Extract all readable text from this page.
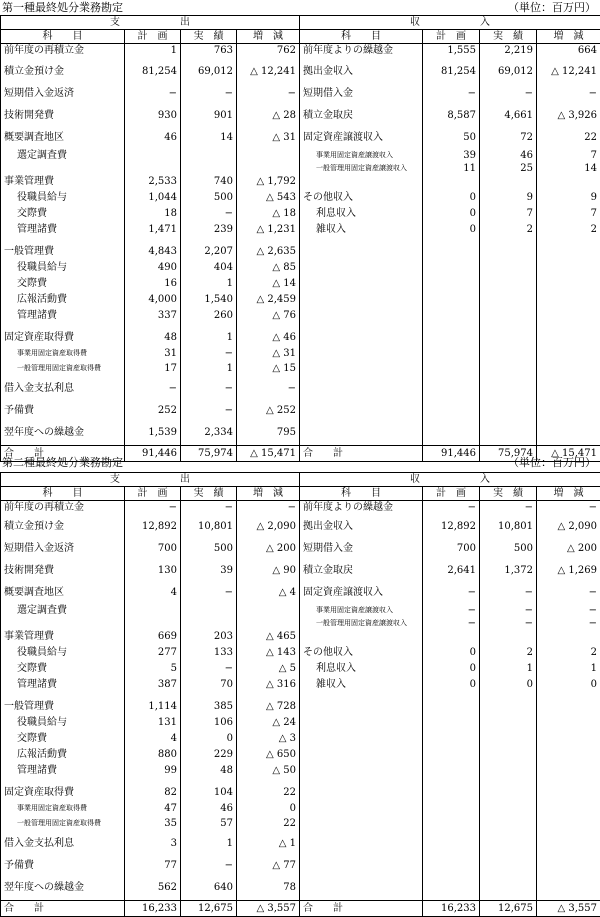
第一種最終処分業務勘定	（単位：百万円）
支　　　　　　出				収　　　　　　入			
科　　目	計　画	実　績	増　減	科　　目	計　画	実　績	増　減
前年度の再積立金	1	763	762	前年度よりの繰越金	1,555	2,219	664
積立金預け金	81,254	69,012	△ 12,241	拠出金収入	81,254	69,012	△ 12,241
短期借入金返済	−	−	−	短期借入金	−	−	−
技術開発費	930	901	△ 28	積立金取戻	8,587	4,661	△ 3,926
概要調査地区	46	14	△ 31	固定資産譲渡収入	50	72	22
選定調査費				事業用固定資産譲渡収入	39	46	7
				一般管理用固定資産譲渡収入	11	25	14
事業管理費	2,533	740	△ 1,792				
役職員給与	1,044	500	△ 543	その他収入	0	9	9
交際費	18	−	△ 18	利息収入	0	7	7
管理諸費	1,471	239	△ 1,231	雑収入	0	2	2
一般管理費	4,843	2,207	△ 2,635				
役職員給与	490	404	△ 85				
交際費	16	1	△ 14				
広報活動費	4,000	1,540	△ 2,459				
管理諸費	337	260	△ 76				
固定資産取得費	48	1	△ 46				
事業用固定資産取得費	31	−	△ 31				
一般管理用固定資産取得費	17	1	△ 15				
借入金支払利息	−	−	−				
予備費	252	−	△ 252				
翌年度への繰越金	1,539	2,334	795				
合　　計	91,446	75,974	△ 15,471	合　　計	91,446	75,974	△ 15,471
第二種最終処分業務勘定	（単位：百万円）
支　　　　　　出				収　　　　　　入			
科　　目	計　画	実　績	増　減	科　　目	計　画	実　績	増　減
前年度の再積立金	−	−	−	前年度よりの繰越金	−	−	−
積立金預け金	12,892	10,801	△ 2,090	拠出金収入	12,892	10,801	△ 2,090
短期借入金返済	700	500	△ 200	短期借入金	700	500	△ 200
技術開発費	130	39	△ 90	積立金取戻	2,641	1,372	△ 1,269
概要調査地区	4	−	△ 4	固定資産譲渡収入	−	−	−
選定調査費				事業用固定資産譲渡収入	−	−	−
				一般管理用固定資産譲渡収入	−	−	−
事業管理費	669	203	△ 465				
役職員給与	277	133	△ 143	その他収入	0	2	2
交際費	5	−	△ 5	利息収入	0	1	1
管理諸費	387	70	△ 316	雑収入	0	0	0
一般管理費	1,114	385	△ 728				
役職員給与	131	106	△ 24				
交際費	4	0	△ 3				
広報活動費	880	229	△ 650				
管理諸費	99	48	△ 50				
固定資産取得費	82	104	22				
事業用固定資産取得費	47	46	0				
一般管理用固定資産取得費	35	57	22				
借入金支払利息	3	1	△ 1				
予備費	77	−	△ 77				
翌年度への繰越金	562	640	78				
合　　計	16,233	12,675	△ 3,557	合　　計	16,233	12,675	△ 3,557
